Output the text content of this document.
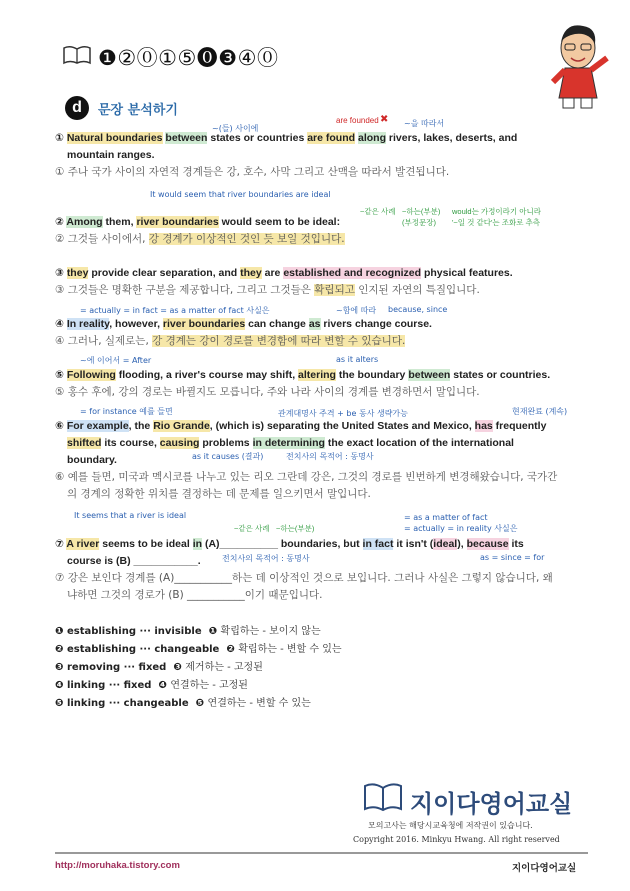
❶②⓪①⑤⓿❸④⓪
d	문장 분석하기
~(들) 사이에
are founded ✖ ~을 따라서
① Natural boundaries between states or countries are found along rivers, lakes, deserts, and
mountain ranges.
① 주나 국가 사이의 자연적 경계들은 강, 호수, 사막 그리고 산맥을 따라서 발견됩니다.
It would seem that river boundaries are ideal
~같은 사례 ~하는(부분)
(부정문장)
would는 가정이라기 아니라
'~일 것 같다'는 조화로 추측
② Among them, river boundaries would seem to be ideal:
② 그것들 사이에서, 강 경계가 이상적인 것인 듯 보일 것입니다.
③ they provide clear separation, and they are established and recognized physical features.
③ 그것들은 명확한 구분을 제공합니다, 그리고 그것들은 확립되고 인지된 자연의 특질입니다.
= actually = in fact = as a matter of fact 사실은	~함에 따라 because, since
④ In reality, however, river boundaries can change as rivers change course.
④ 그러나, 실제로는, 강 경계는 강이 경로를 변경함에 따라 변할 수 있습니다.
~에 이어서 = After	as it alters
⑤ Following flooding, a river's course may shift, altering the boundary between states or countries.
⑤ 홍수 후에, 강의 경로는 바뀔지도 모릅니다, 주와 나라 사이의 경계를 변경하면서 말입니다.
= for instance 예를 들면	관계대명사 주격 + be 동사 생략가능	현재완료 (계속)
⑥ For example, the Rio Grande, (which is) separating the United States and Mexico, has frequently
shifted its course, causing problems in determining the exact location of the international
as it causes (결과)	전치사의 목적어 : 동명사
boundary.
⑥ 예를 들면, 미국과 멕시코를 나누고 있는 리오 그란데 강은, 그것의 경로를 빈번하게 변경해왔습니다, 국가간
의 경계의 정확한 위치를 결정하는 데 문제를 일으키면서 말입니다.
It seems that a river is ideal
~같은 사례 ~하는(부분)
= as a matter of fact
= actually = in reality 사실은
⑦ A river seems to be ideal in (A)__________ boundaries, but in fact it isn't (ideal), because its
전치사의 목적어 : 동명사	as = since = for
course is (B) ___________.
⑦ 강은 보인다 경계를 (A)___________하는 데 이상적인 것으로 보입니다. 그러나 사실은 그렇지 않습니다, 왜
냐하면 그것의 경로가 (B) ___________이기 때문입니다.
❶ establishing ··· invisible ❶ 확립하는 - 보이지 않는
❷ establishing ··· changeable ❷ 확립하는 - 변할 수 있는
❸ removing ··· fixed ❸ 제거하는 - 고정된
❹ linking ··· fixed ❹ 연결하는 - 고정된
❺ linking ··· changeable ❺ 연결하는 - 변할 수 있는
지이다영어교실
모의고사는 해당시교육청에 저작권이 있습니다.
Copyright 2016. Minkyu Hwang. All right reserved
http://moruhaka.tistory.com	지이다영어교실
